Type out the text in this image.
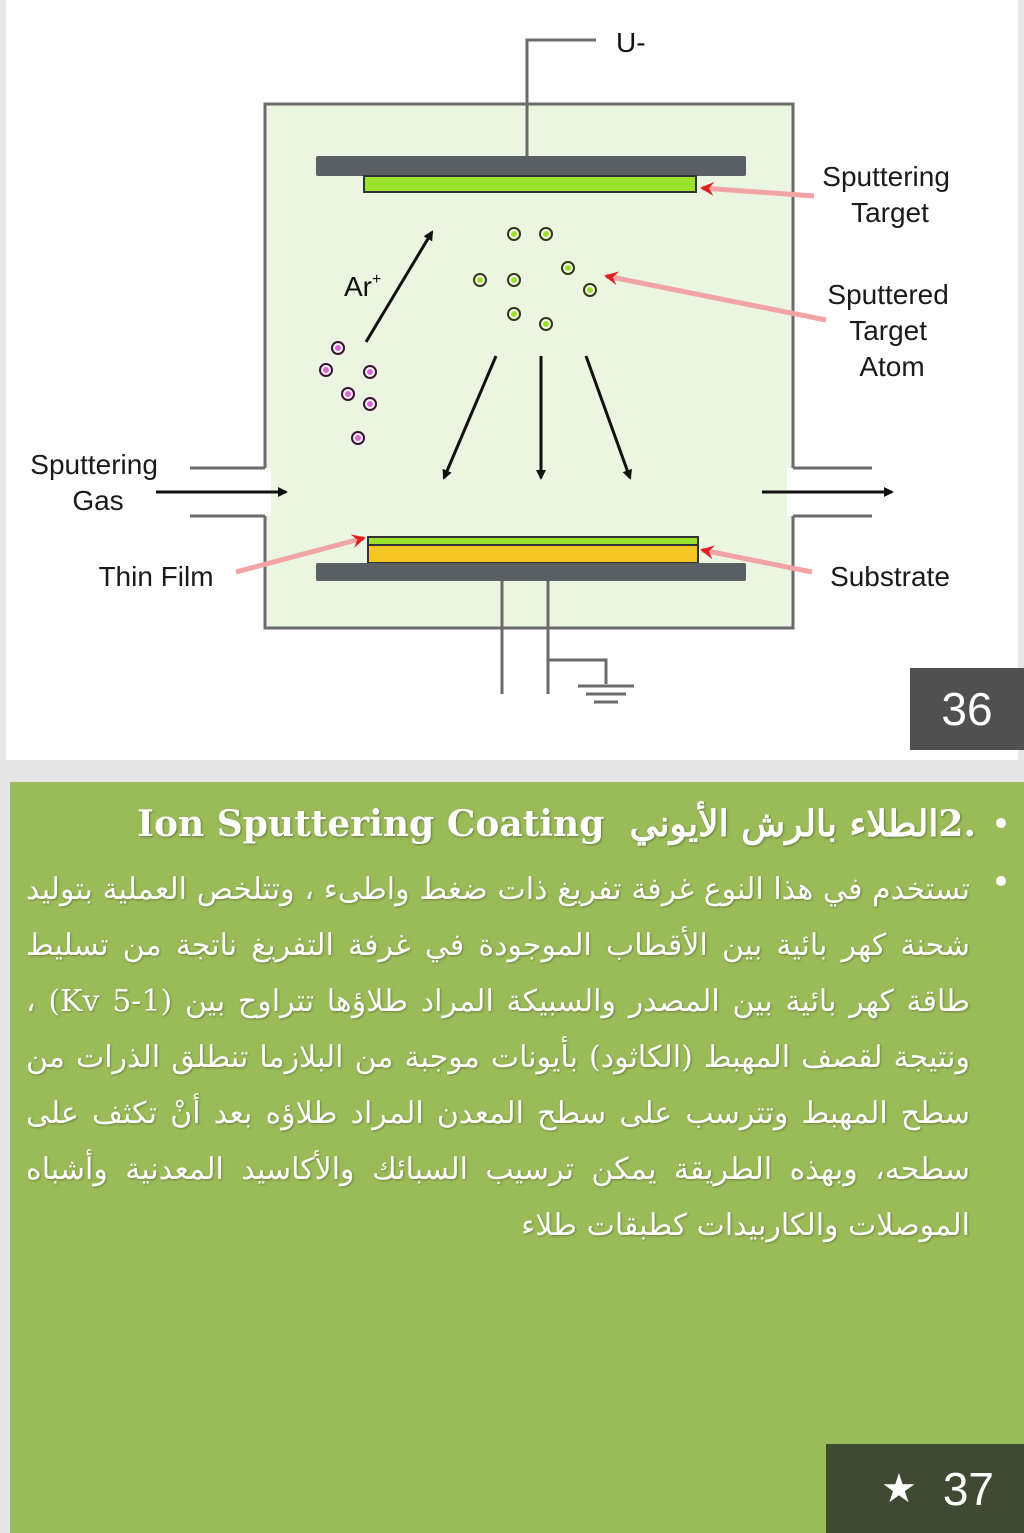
U-
Ar+
Sputtering Target
Sputtered Target Atom
Sputtering Gas
Thin Film	Substrate
36
Ion Sputtering Coating الطلاء بالرش الأيوني2.
تستخدم في هذا النوع غرفة تفريغ ذات ضغط واطىء ، وتتلخص العملية بتوليد شحنة كهر بائية بين الأقطاب الموجودة في غرفة التفريغ ناتجة من تسليط طاقة كهر بائية بين المصدر والسبيكة المراد طلاؤها تتراوح بين (1-5 Kv) ، ونتيجة لقصف المهبط (الكاثود) بأيونات موجبة من البلازما تنطلق الذرات من سطح المهبط وتترسب على سطح المعدن المراد طلاؤه بعد أنْ تكثف على سطحه، وبهذه الطريقة يمكن ترسيب السبائك والأكاسيد المعدنية وأشباه الموصلات والكاربيدات كطبقات طلاء
★ 37
